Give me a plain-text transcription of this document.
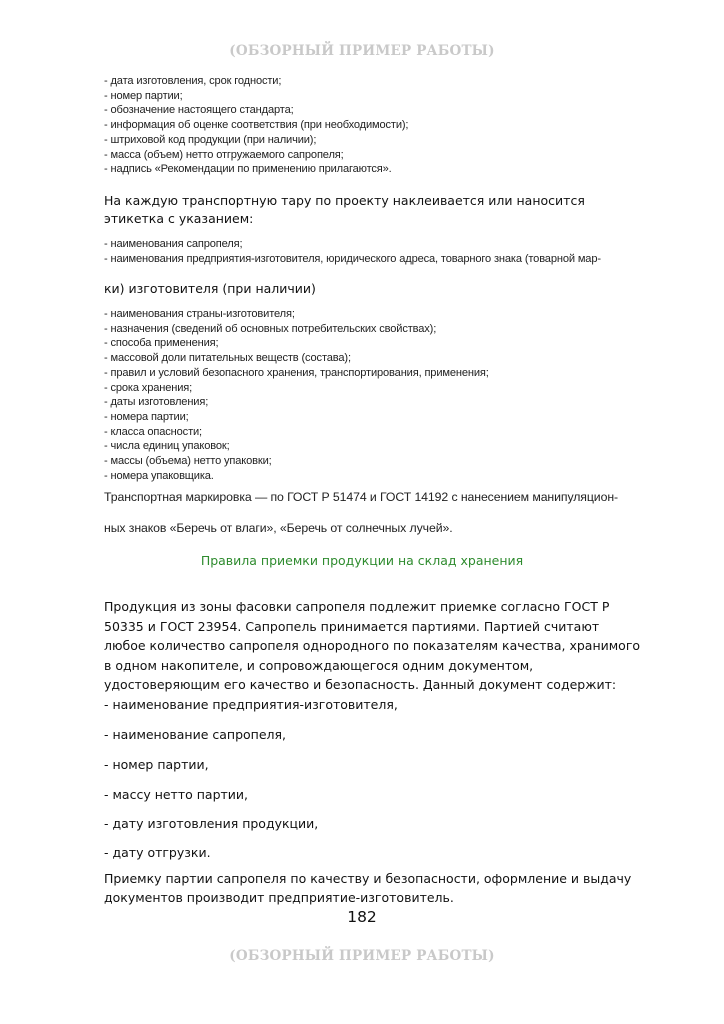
(ОБЗОРНЫЙ ПРИМЕР РАБОТЫ)
- дата изготовления, срок годности;
- номер партии;
- обозначение настоящего стандарта;
- информация об оценке соответствия (при необходимости);
- штриховой код продукции (при наличии);
- масса (объем) нетто отгружаемого сапропеля;
- надпись «Рекомендации по применению прилагаются».
На каждую транспортную тару по проекту наклеивается или наносится этикетка с указанием:
- наименования сапропеля;
- наименования предприятия-изготовителя, юридического адреса, товарного знака (товарной мар-
ки) изготовителя (при наличии)
- наименования страны-изготовителя;
- назначения (сведений об основных потребительских свойствах);
- способа применения;
- массовой доли питательных веществ (состава);
- правил и условий безопасного хранения, транспортирования, применения;
- срока хранения;
- даты изготовления;
- номера партии;
- класса опасности;
- числа единиц упаковок;
- массы (объема) нетто упаковки;
- номера упаковщика.
Транспортная маркировка — по ГОСТ Р 51474 и ГОСТ 14192 с нанесением манипуляцион-
ных знаков «Беречь от влаги», «Беречь от солнечных лучей».
Правила приемки продукции на склад хранения
Продукция из зоны фасовки сапропеля подлежит приемке согласно ГОСТ Р 50335 и ГОСТ 23954. Сапропель принимается партиями. Партией считают любое количество сапропеля однородного по показателям качества, хранимого в одном накопителе, и сопровождающегося одним документом, удостоверяющим его качество и безопасность. Данный документ содержит:
- наименование предприятия-изготовителя,
- наименование сапропеля,
- номер партии,
- массу нетто партии,
- дату изготовления продукции,
- дату отгрузки.
Приемку партии сапропеля по качеству и безопасности, оформление и выдачу документов производит предприятие-изготовитель.
182
(ОБЗОРНЫЙ ПРИМЕР РАБОТЫ)
